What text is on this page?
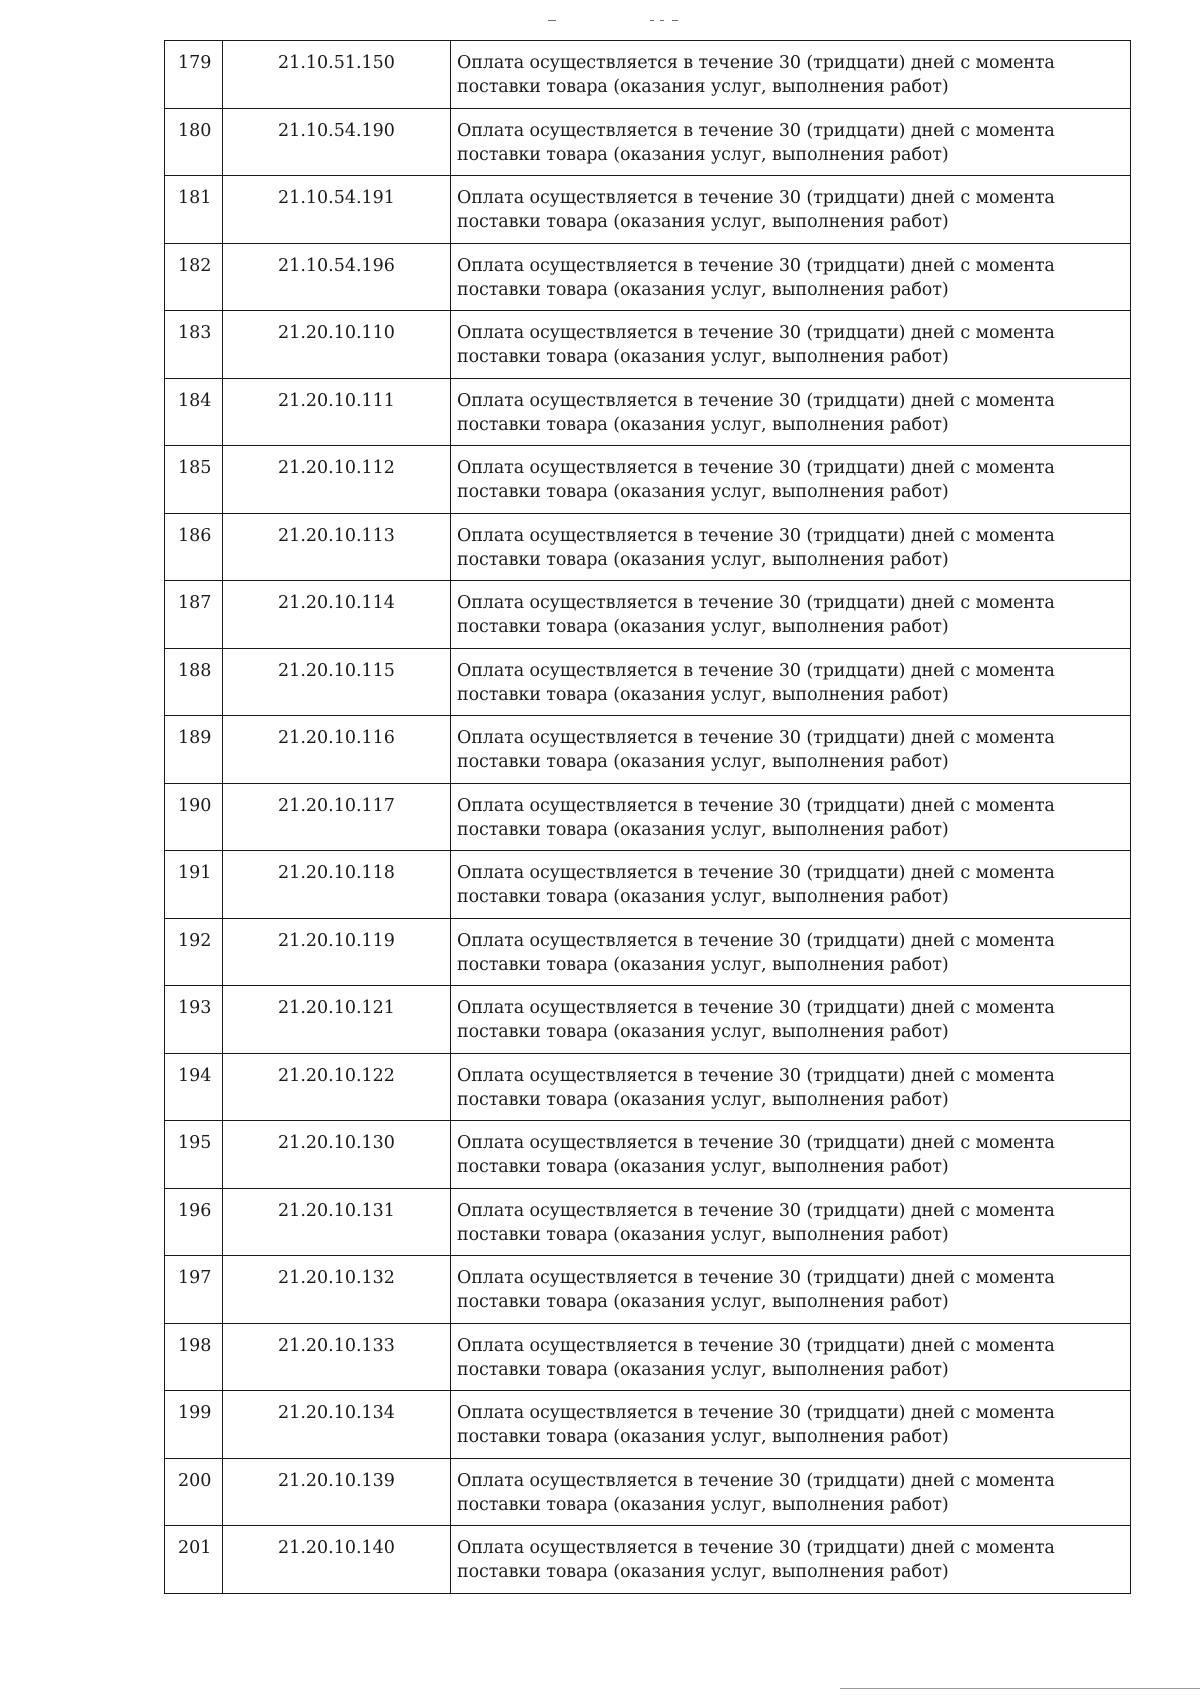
179	21.10.51.150	Оплата осуществляется в течение 30 (тридцати) дней с момента поставки товара (оказания услуг, выполнения работ)
180	21.10.54.190	Оплата осуществляется в течение 30 (тридцати) дней с момента поставки товара (оказания услуг, выполнения работ)
181	21.10.54.191	Оплата осуществляется в течение 30 (тридцати) дней с момента поставки товара (оказания услуг, выполнения работ)
182	21.10.54.196	Оплата осуществляется в течение 30 (тридцати) дней с момента поставки товара (оказания услуг, выполнения работ)
183	21.20.10.110	Оплата осуществляется в течение 30 (тридцати) дней с момента поставки товара (оказания услуг, выполнения работ)
184	21.20.10.111	Оплата осуществляется в течение 30 (тридцати) дней с момента поставки товара (оказания услуг, выполнения работ)
185	21.20.10.112	Оплата осуществляется в течение 30 (тридцати) дней с момента поставки товара (оказания услуг, выполнения работ)
186	21.20.10.113	Оплата осуществляется в течение 30 (тридцати) дней с момента поставки товара (оказания услуг, выполнения работ)
187	21.20.10.114	Оплата осуществляется в течение 30 (тридцати) дней с момента поставки товара (оказания услуг, выполнения работ)
188	21.20.10.115	Оплата осуществляется в течение 30 (тридцати) дней с момента поставки товара (оказания услуг, выполнения работ)
189	21.20.10.116	Оплата осуществляется в течение 30 (тридцати) дней с момента поставки товара (оказания услуг, выполнения работ)
190	21.20.10.117	Оплата осуществляется в течение 30 (тридцати) дней с момента поставки товара (оказания услуг, выполнения работ)
191	21.20.10.118	Оплата осуществляется в течение 30 (тридцати) дней с момента поставки товара (оказания услуг, выполнения работ)
192	21.20.10.119	Оплата осуществляется в течение 30 (тридцати) дней с момента поставки товара (оказания услуг, выполнения работ)
193	21.20.10.121	Оплата осуществляется в течение 30 (тридцати) дней с момента поставки товара (оказания услуг, выполнения работ)
194	21.20.10.122	Оплата осуществляется в течение 30 (тридцати) дней с момента поставки товара (оказания услуг, выполнения работ)
195	21.20.10.130	Оплата осуществляется в течение 30 (тридцати) дней с момента поставки товара (оказания услуг, выполнения работ)
196	21.20.10.131	Оплата осуществляется в течение 30 (тридцати) дней с момента поставки товара (оказания услуг, выполнения работ)
197	21.20.10.132	Оплата осуществляется в течение 30 (тридцати) дней с момента поставки товара (оказания услуг, выполнения работ)
198	21.20.10.133	Оплата осуществляется в течение 30 (тридцати) дней с момента поставки товара (оказания услуг, выполнения работ)
199	21.20.10.134	Оплата осуществляется в течение 30 (тридцати) дней с момента поставки товара (оказания услуг, выполнения работ)
200	21.20.10.139	Оплата осуществляется в течение 30 (тридцати) дней с момента поставки товара (оказания услуг, выполнения работ)
201	21.20.10.140	Оплата осуществляется в течение 30 (тридцати) дней с момента поставки товара (оказания услуг, выполнения работ)
